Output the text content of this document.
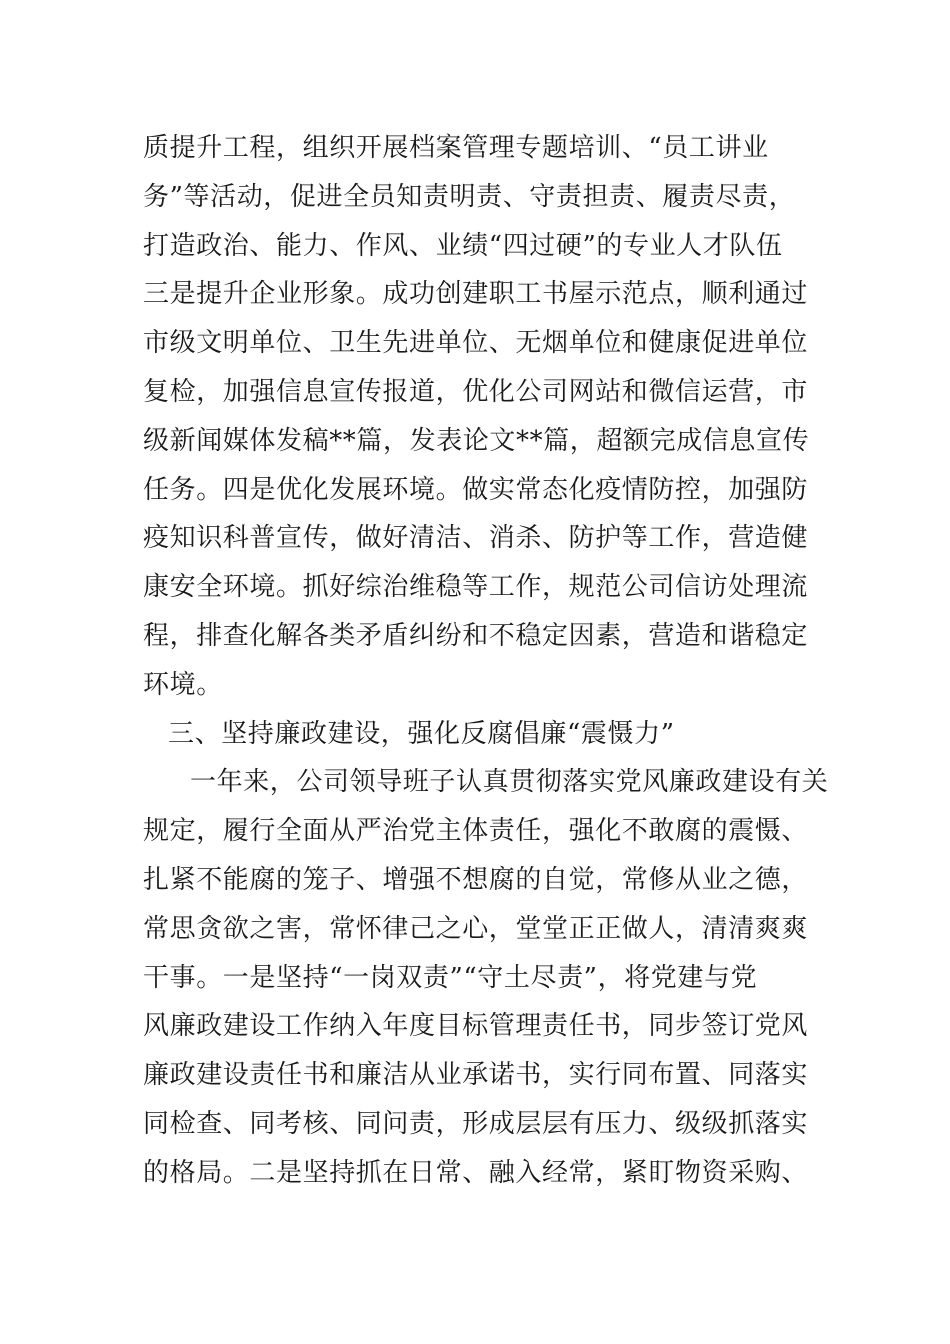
质提升工程，组织开展档案管理专题培训、“员工讲业
务”等活动，促进全员知责明责、守责担责、履责尽责，
打造政治、能力、作风、业绩“四过硬”的专业人才队伍
三是提升企业形象。成功创建职工书屋示范点，顺利通过
市级文明单位、卫生先进单位、无烟单位和健康促进单位
复检，加强信息宣传报道，优化公司网站和微信运营，市
级新闻媒体发稿**篇，发表论文**篇，超额完成信息宣传
任务。四是优化发展环境。做实常态化疫情防控，加强防
疫知识科普宣传，做好清洁、消杀、防护等工作，营造健
康安全环境。抓好综治维稳等工作，规范公司信访处理流
程，排查化解各类矛盾纠纷和不稳定因素，营造和谐稳定
环境。
三、坚持廉政建设，强化反腐倡廉“震慑力”
一年来，公司领导班子认真贯彻落实党风廉政建设有关
规定，履行全面从严治党主体责任，强化不敢腐的震慑、
扎紧不能腐的笼子、增强不想腐的自觉，常修从业之德，
常思贪欲之害，常怀律己之心，堂堂正正做人，清清爽爽
干事。一是坚持“一岗双责”“守土尽责”，将党建与党
风廉政建设工作纳入年度目标管理责任书，同步签订党风
廉政建设责任书和廉洁从业承诺书，实行同布置、同落实
同检查、同考核、同问责，形成层层有压力、级级抓落实
的格局。二是坚持抓在日常、融入经常，紧盯物资采购、
